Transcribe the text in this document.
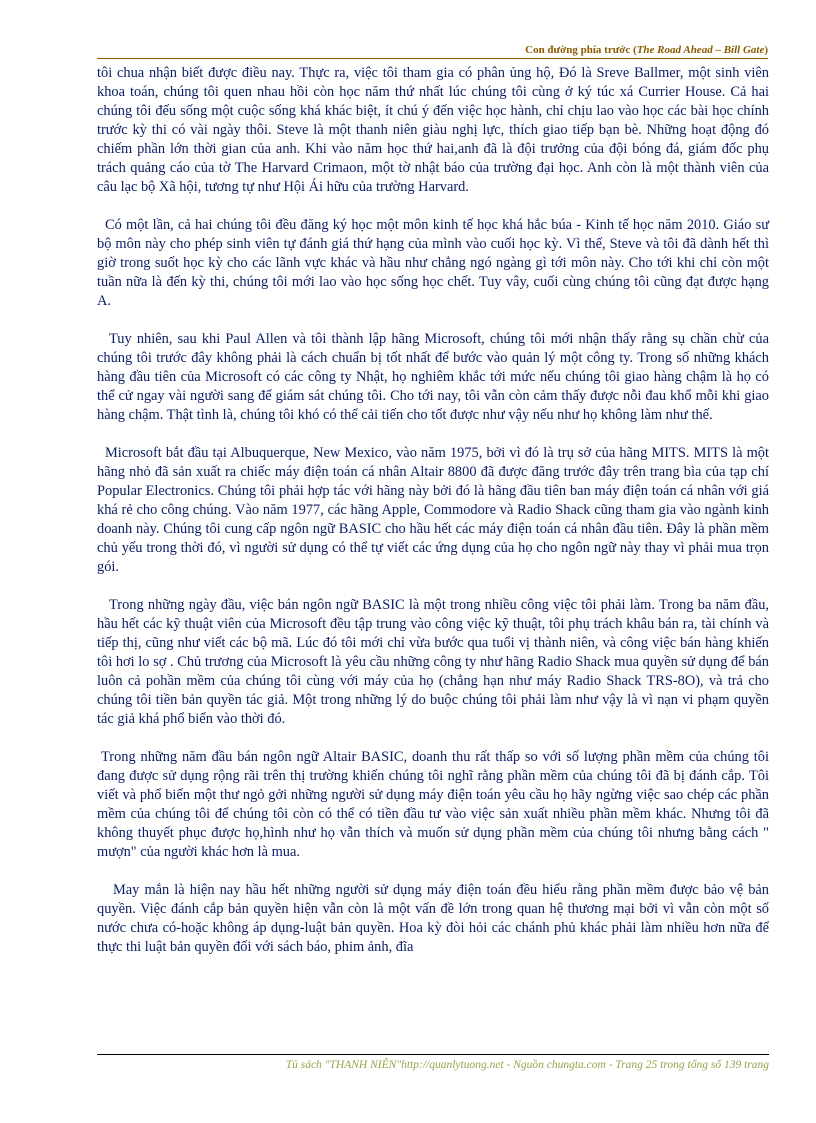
Con đường phía trước (The Road Ahead – Bill Gate)

tôi chua nhận biết được điều nay. Thực ra, việc tôi tham gia có phân ủng hộ, Đó là Sreve Ballmer, một sinh viên khoa toán, chúng tôi quen nhau hồi còn học năm thứ nhất lúc chúng tôi cùng ở ký túc xá Currier House. Cả hai chúng tôi đếu sống một cuộc sống khá khác biệt, ít chú ý đến việc học hành, chỉ chịu lao vào học các bài học chính trước kỳ thi có vài ngày thôi. Steve là một thanh niên giàu nghị lực, thích giao tiếp bạn bè. Những hoạt động đó chiếm phần lớn thời gian của anh. Khi vào năm học thứ hai,anh đã là đội trưởng của đội bóng đá, giám đốc phụ trách quảng cáo của tờ The Harvard Crimaon, một tờ nhật báo của trường đại học. Anh còn là một thành viên của câu lạc bộ Xã hội, tương tự như Hội Ái hữu của trường Harvard.

Có một lần, cả hai chúng tôi đều đăng ký học một môn kinh tế học khá hắc búa - Kinh tế học năm 2010. Giáo sư bộ môn này cho phép sinh viên tự đánh giá thứ hạng của mình vào cuối học kỳ. Vì thế, Steve và tôi đã dành hết thì giờ trong suốt học kỳ cho các lãnh vực khác và hầu như chẳng ngó ngàng gì tới môn này. Cho tới khi chỉ còn một tuần nữa là đến kỳ thi, chúng tôi mới lao vào học sống học chết. Tuy vây, cuối cùng chúng tôi cũng đạt được hạng A.

Tuy nhiên, sau khi Paul Allen và tôi thành lập hãng Microsoft, chúng tôi mới nhận thấy rằng sụ chần chừ của chúng tôi trước đây không phải là cách chuẩn bị tốt nhất để bước vào quản lý một công ty. Trong số những khách hàng đầu tiên của Microsoft có các công ty Nhật, họ nghiêm khắc tới mức nếu chúng tôi giao hàng chậm là họ có thể cử ngay vài người sang để giám sát chúng tôi. Cho tới nay, tôi vẫn còn cảm thấy được nỗi đau khổ mỗi khi giao hàng chậm. Thật tình là, chúng tôi khó có thể cải tiến cho tốt được như vậy nếu như họ không làm như thế.

Microsoft bắt đầu tại Albuquerque, New Mexico, vào năm 1975, bởi vì đó là trụ sở của hãng MITS. MITS là một hãng nhỏ đã sản xuất ra chiếc máy điện toán cá nhân Altair 8800 đã được đăng trước đây trên trang bìa của tạp chí Popular Electronics. Chúng tôi phải hợp tác với hãng này bởi đó là hãng đầu tiên ban máy điện toán cá nhân với giá khá rẻ cho công chúng. Vào năm 1977, các hãng Apple, Commodore và Radio Shack cũng tham gia vào ngành kinh doanh này. Chúng tôi cung cấp ngôn ngữ BASIC cho hầu hết các máy điện toán cá nhân đầu tiên. Đây là phần mềm chủ yếu trong thời đó, vì người sử dụng có thể tự viết các ứng dụng của họ cho ngôn ngữ này thay vì phải mua trọn gói.

Trong những ngày đầu, việc bán ngôn ngữ BASIC là một trong nhiều công việc tôi phải làm. Trong ba năm đầu, hầu hết các kỹ thuật viên của Microsoft đều tập trung vào công việc kỹ thuật, tôi phụ trách khâu bán ra, tài chính và tiếp thị, cũng như viết các bộ mã. Lúc đó tôi mới chỉ vừa bước qua tuổi vị thành niên, và công việc bán hàng khiến tôi hơi lo sợ . Chủ trương của Microsoft là yêu cầu những công ty như hãng Radio Shack mua quyền sử dụng để bán luôn cả pohần mềm của chúng tôi cùng với máy của họ (chẳng hạn như máy Radio Shack TRS-8O), và trả cho chúng tôi tiền bản quyền tác giả. Một trong những lý do buộc chúng tôi phải làm như vậy là vì nạn vi phạm quyền tác giả khá phổ biến vào thời đó.

Trong những năm đầu bán ngôn ngữ Altair BASIC, doanh thu rất thấp so với số lượng phần mềm của chúng tôi đang được sử dụng rộng rãi trên thị trường khiến chúng tôi nghĩ rằng phần mềm của chúng tôi đã bị đánh cắp. Tôi viết và phổ biến một thư ngỏ gởi những người sử dụng máy điện toán yêu cầu họ hãy ngừng việc sao chép các phần mềm của chúng tôi để chúng tôi còn có thể có tiền đầu tư vào việc sản xuất nhiều phần mềm khác. Nhưng tôi đã không thuyết phục được họ,hình như họ vẫn thích và muốn sử dụng phần mềm của chúng tôi nhưng bằng cách " mượn" của người khác hơn là mua.

May mắn là hiện nay hầu hết những người sử dụng máy điện toán đều hiểu rằng phần mềm được bảo vệ bản quyền. Việc đánh cắp bản quyền hiện vẫn còn là một vấn đề lớn trong quan hệ thương mại bởi vì vẫn còn một số nước chưa có-hoặc không áp dụng-luật bản quyền. Hoa kỳ đòi hỏi các chánh phủ khác phải làm nhiều hơn nữa để thực thi luật bản quyền đối với sách báo, phim ảnh, đĩa

Tủ sách "THANH NIÊN"http://quanlytuong.net - Nguồn chungta.com - Trang 25 trong tổng số 139 trang
